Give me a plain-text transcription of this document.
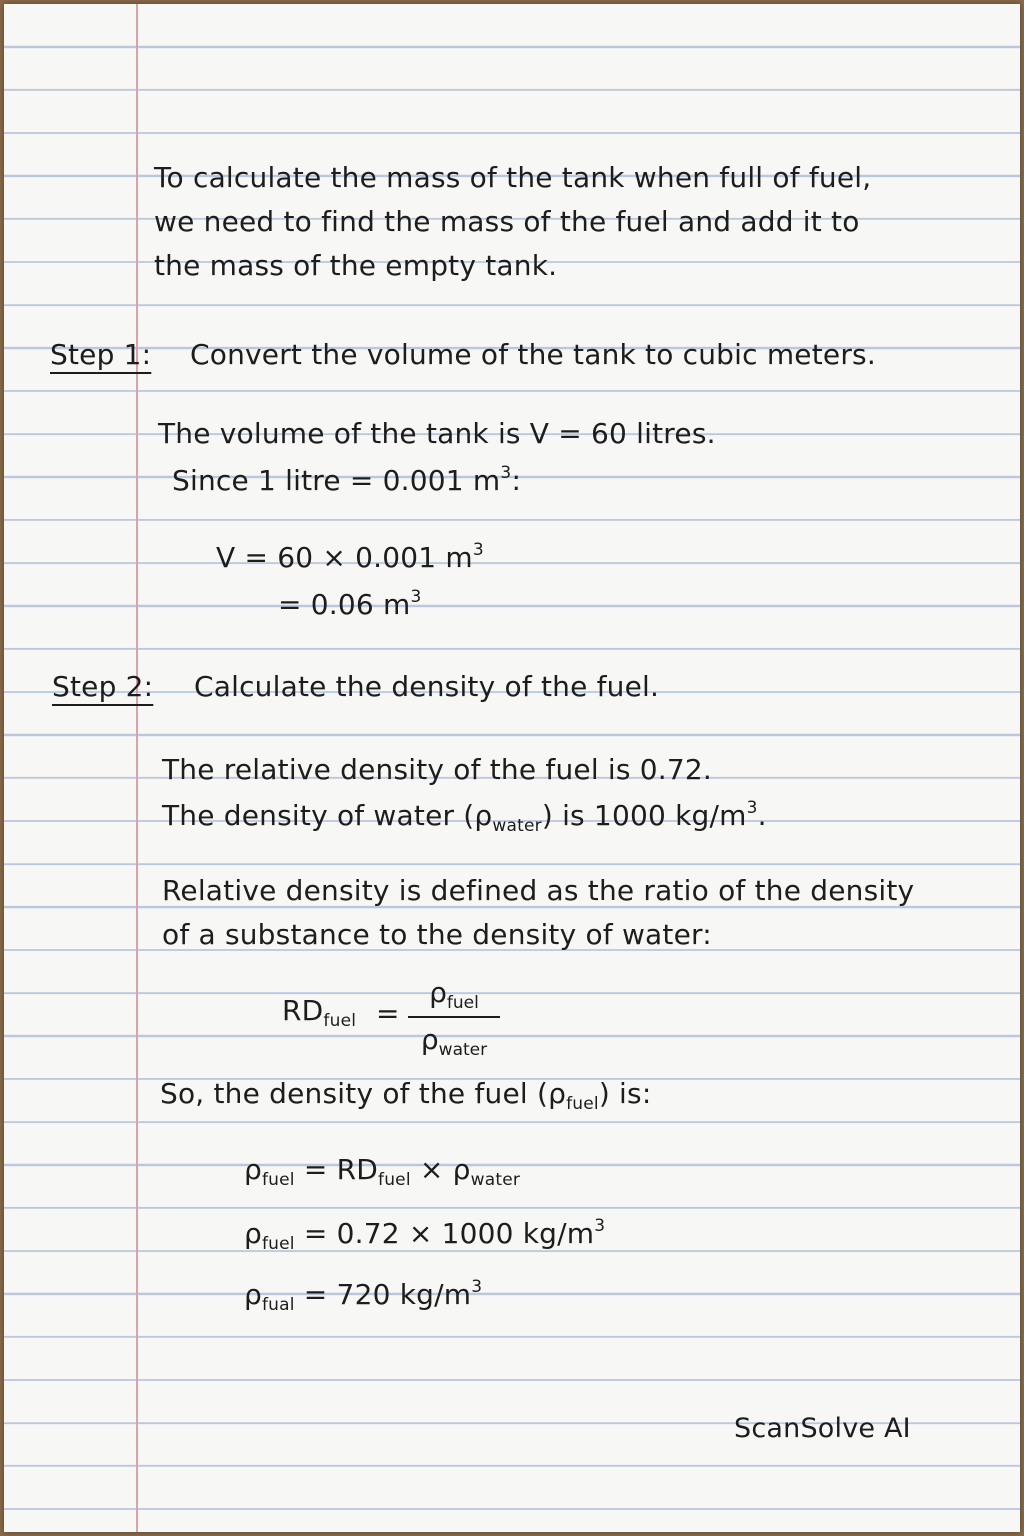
To calculate the mass of the tank when full of fuel,
we need to find the mass of the fuel and add it to
the mass of the empty tank.
Step 1: Convert the volume of the tank to cubic meters.
The volume of the tank is V = 60 litres.
Since 1 litre = 0.001 $m^3$:
V = 60 × 0.001 $m^3$
= 0.06 $m^3$
Step 2: Calculate the density of the fuel.
The relative density of the fuel is 0.72.
The density of water $(\rho_{water})$ is 1000 $kg/m^3$.
Relative density is defined as the ratio of the density
of a substance to the density of water:
$RD_{fuel}$ =
$\rho_{fuel}$
$\rho_{water}$
So, the density of the fuel $(\rho_{fuel})$ is:
$\rho_{fuel} = RD_{fuel} \times \rho_{water}$
$\rho_{fuel} = 0.72 \times 1000$ $kg/m^3$
$\rho_{fual} = 720$ $kg/m^3$
ScanSolve AI
